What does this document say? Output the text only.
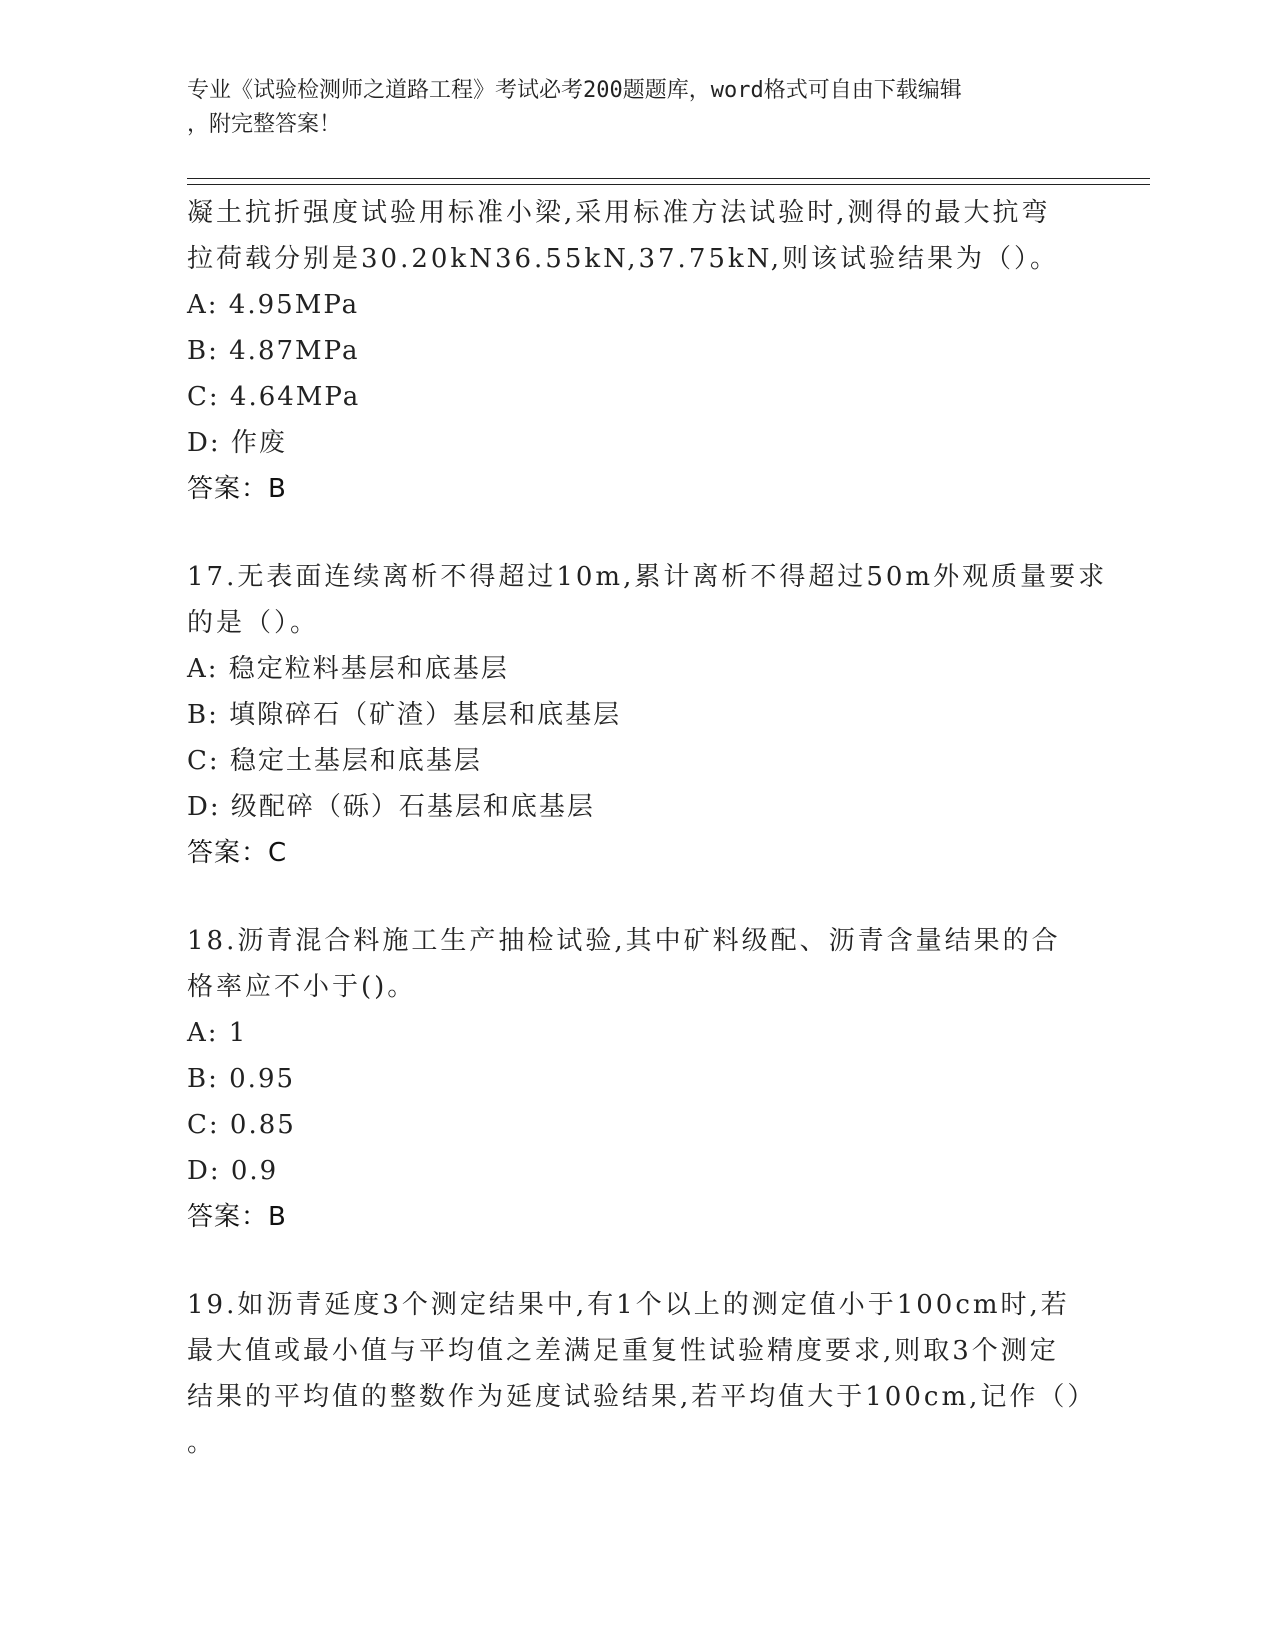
专业《试验检测师之道路工程》考试必考200题题库，word格式可自由下载编辑
，附完整答案！
凝土抗折强度试验用标准小梁,采用标准方法试验时,测得的最大抗弯
拉荷载分别是30.20kN36.55kN,37.75kN,则该试验结果为（）。
A: 4.95MPa
B: 4.87MPa
C: 4.64MPa
D: 作废
答案：B
17.无表面连续离析不得超过10m,累计离析不得超过50m外观质量要求
的是（）。
A: 稳定粒料基层和底基层
B: 填隙碎石（矿渣）基层和底基层
C: 稳定土基层和底基层
D: 级配碎（砾）石基层和底基层
答案：C
18.沥青混合料施工生产抽检试验,其中矿料级配、沥青含量结果的合
格率应不小于()。
A: 1
B: 0.95
C: 0.85
D: 0.9
答案：B
19.如沥青延度3个测定结果中,有1个以上的测定值小于100cm时,若
最大值或最小值与平均值之差满足重复性试验精度要求,则取3个测定
结果的平均值的整数作为延度试验结果,若平均值大于100cm,记作（）
。
